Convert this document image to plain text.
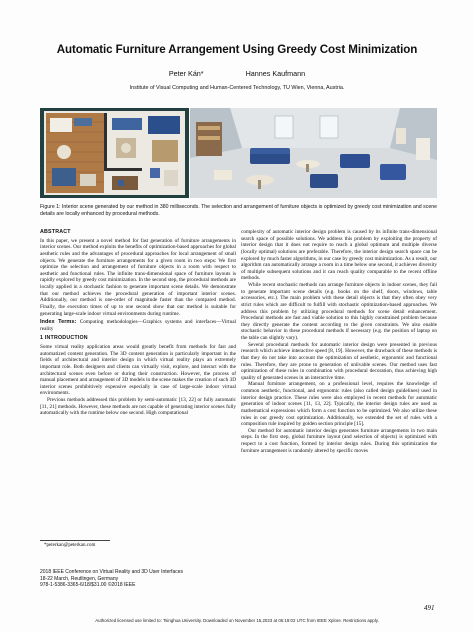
Automatic Furniture Arrangement Using Greedy Cost Minimization
Peter Kán*	Hannes Kaufmann
Institute of Visual Computing and Human-Centered Technology, TU Wien, Vienna, Austria.
Figure 1: Interior scene generated by our method in 380 milliseconds. The selection and arrangement of furniture objects is optimized by greedy cost minimization and scene details are locally enhanced by procedural methods.
ABSTRACT

In this paper, we present a novel method for fast generation of furniture arrangements in interior scenes. Our method exploits the benefits of optimization-based approaches for global aesthetic rules and the advantages of procedural approaches for local arrangement of small objects. We generate the furniture arrangements for a given room in two steps: We first optimize the selection and arrangement of furniture objects in a room with respect to aesthetic and functional rules. The infinite trans-dimensional space of furniture layouts is rapidly explored by greedy cost minimization. In the second step, the procedural methods are locally applied in a stochastic fashion to generate important scene details. We demonstrate that our method achieves the procedural generation of important interior scenes. Additionally, our method is one-order of magnitude faster than the compared method. Finally, the execution times of up to one second show that our method is suitable for generating large-scale indoor virtual environments during runtime.

Index Terms: Computing methodologies—Graphics systems and interfaces—Virtual reality

1 INTRODUCTION

Some virtual reality application areas would greatly benefit from methods for fast and automatized content generation. The 3D content generation is particularly important in the fields of architectural and interior design in which virtual reality plays an extremely important role. Both designers and clients can virtually visit, explore, and interact with the architectural scenes even before or during their construction. However, the process of manual placement and arrangement of 3D models in the scene makes the creation of such 3D interior scenes prohibitively expensive especially in case of large-scale indoor virtual environments.

Previous methods addressed this problem by semi-automatic [13, 22] or fully automatic [11, 21] methods. However, these methods are not capable of generating interior scenes fully automatically with the runtime below one second. High computational

*peterkan@peterkan.com
2018 IEEE Conference on Virtual Reality and 3D User Interfaces
18-22 March, Reutlingen, Germany
978-1-5386-3365-6/18/$31.00 ©2018 IEEE

complexity of automatic interior design problem is caused by its infinite trans-dimensional search space of possible solutions. We address this problem by exploiting the property of interior design that it does not require to reach a global optimum and multiple diverse (locally optimal) solutions are preferable. Therefore, the interior design search space can be explored by much faster algorithms, in our case by greedy cost minimization. As a result, our algorithm can automatically arrange a room in a time below one second, it achieves diversity of multiple subsequent solutions and it can reach quality comparable to the recent offline methods.

While recent stochastic methods can arrange furniture objects in indoor scenes, they fail to generate important scene details (e.g. books on the shelf, doors, windows, table accessories, etc.). The main problem with these detail objects is that they often obey very strict rules which are difficult to fulfill with stochastic optimization-based approaches. We address this problem by utilizing procedural methods for scene detail enhancement. Procedural methods are fast and viable solution to this highly constrained problem because they directly generate the content according to the given constraints. We also enable stochastic behavior in these procedural methods if necessary (e.g. the position of laptop on the table can slightly vary).

Several procedural methods for automatic interior design were presented in previous research which achieve interactive speed [8, 19]. However, the drawback of these methods is that they do not take into account the optimization of aesthetic, ergonomic and functional rules. Therefore, they are prone to generation of unlivable scenes. Our method uses fast optimization of these rules in combination with procedural decoration, thus achieving high quality of generated scenes in an interactive time.

Manual furniture arrangement, on a professional level, requires the knowledge of common aesthetic, functional, and ergonomic rules (also called design guidelines) used in interior design practice. These rules were also employed in recent methods for automatic generation of indoor scenes [11, 13, 22]. Typically, the interior design rules are used as mathematical expressions which form a cost function to be optimized. We also utilize these rules in our greedy cost optimization. Additionally, we extended the set of rules with a composition rule inspired by golden section principle [15].

Our method for automatic interior design generates furniture arrangements in two main steps. In the first step, global furniture layout (and selection of objects) is optimized with respect to a cost function, formed by interior design rules. During this optimization the furniture arrangement is randomly altered by specific moves

491
Authorized licensed use limited to: Tsinghua University. Downloaded on November 15,2023 at 06:19:02 UTC from IEEE Xplore. Restrictions apply.
